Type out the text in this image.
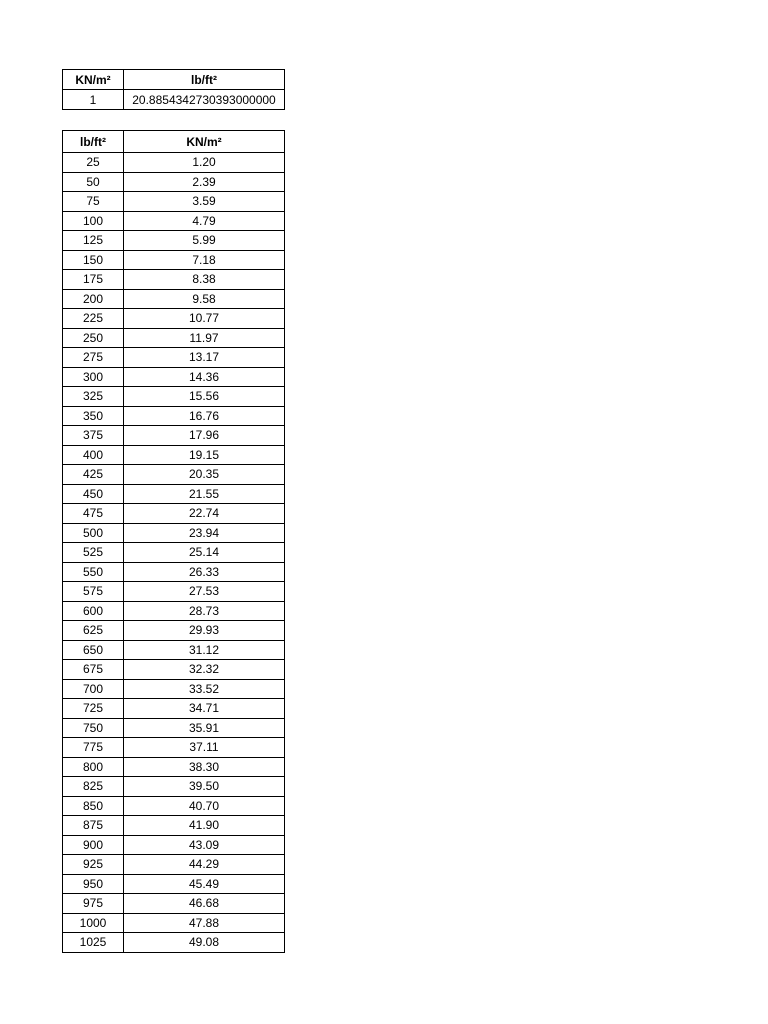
KN/m²	lb/ft²
1	20.8854342730393000000
lb/ft²	KN/m²
25	1.20
50	2.39
75	3.59
100	4.79
125	5.99
150	7.18
175	8.38
200	9.58
225	10.77
250	11.97
275	13.17
300	14.36
325	15.56
350	16.76
375	17.96
400	19.15
425	20.35
450	21.55
475	22.74
500	23.94
525	25.14
550	26.33
575	27.53
600	28.73
625	29.93
650	31.12
675	32.32
700	33.52
725	34.71
750	35.91
775	37.11
800	38.30
825	39.50
850	40.70
875	41.90
900	43.09
925	44.29
950	45.49
975	46.68
1000	47.88
1025	49.08
